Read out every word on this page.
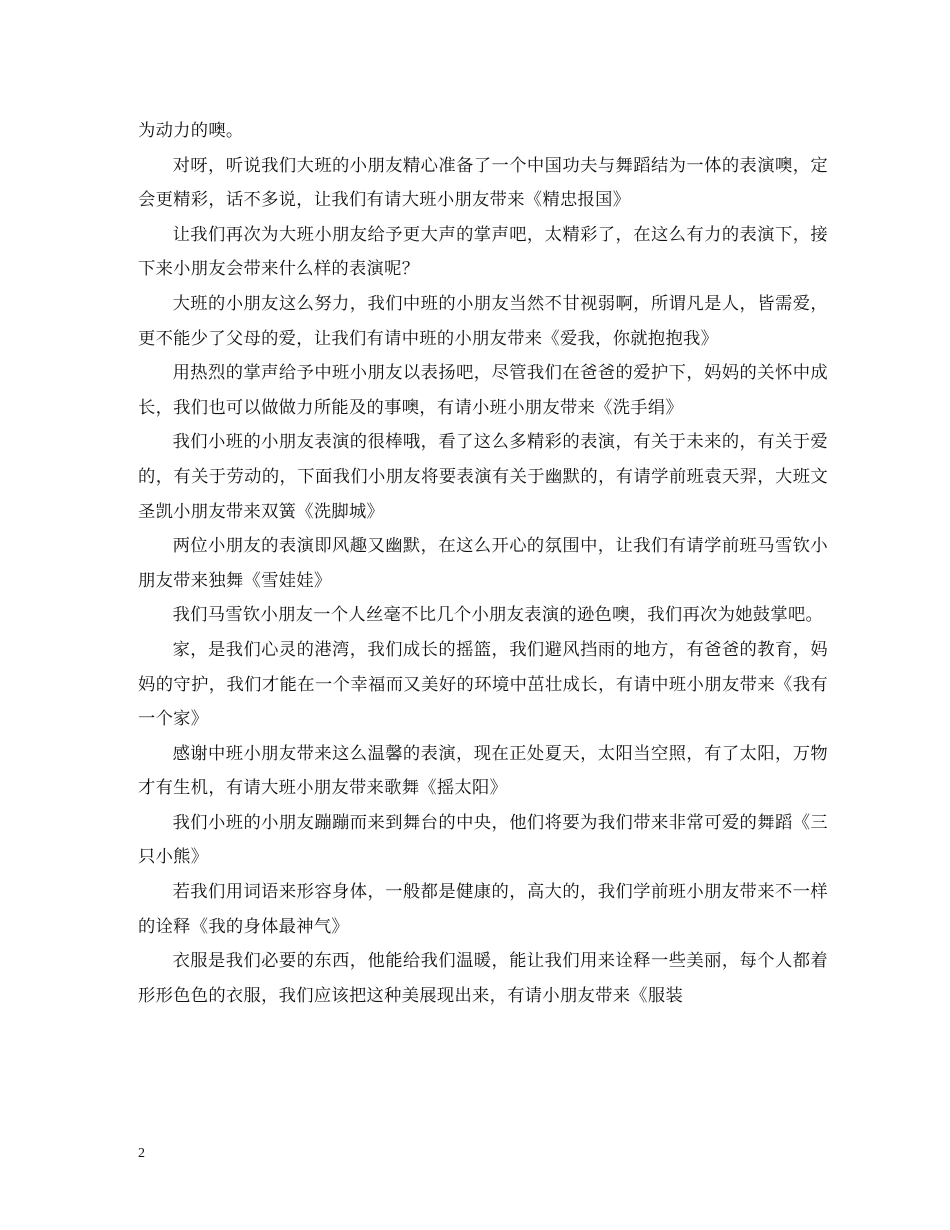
为动力的噢。

对呀，听说我们大班的小朋友精心准备了一个中国功夫与舞蹈结为一体的表演噢，定会更精彩，话不多说，让我们有请大班小朋友带来《精忠报国》

让我们再次为大班小朋友给予更大声的掌声吧，太精彩了，在这么有力的表演下，接下来小朋友会带来什么样的表演呢？

大班的小朋友这么努力，我们中班的小朋友当然不甘视弱啊，所谓凡是人，皆需爱，更不能少了父母的爱，让我们有请中班的小朋友带来《爱我，你就抱抱我》

用热烈的掌声给予中班小朋友以表扬吧，尽管我们在爸爸的爱护下，妈妈的关怀中成长，我们也可以做做力所能及的事噢，有请小班小朋友带来《洗手绢》

我们小班的小朋友表演的很棒哦，看了这么多精彩的表演，有关于未来的，有关于爱的，有关于劳动的，下面我们小朋友将要表演有关于幽默的，有请学前班袁天羿，大班文圣凯小朋友带来双簧《洗脚城》

两位小朋友的表演即风趣又幽默，在这么开心的氛围中，让我们有请学前班马雪钦小朋友带来独舞《雪娃娃》

我们马雪钦小朋友一个人丝毫不比几个小朋友表演的逊色噢，我们再次为她鼓掌吧。

家，是我们心灵的港湾，我们成长的摇篮，我们避风挡雨的地方，有爸爸的教育，妈妈的守护，我们才能在一个幸福而又美好的环境中茁壮成长，有请中班小朋友带来《我有一个家》

感谢中班小朋友带来这么温馨的表演，现在正处夏天，太阳当空照，有了太阳，万物才有生机，有请大班小朋友带来歌舞《摇太阳》

我们小班的小朋友蹦蹦而来到舞台的中央，他们将要为我们带来非常可爱的舞蹈《三只小熊》

若我们用词语来形容身体，一般都是健康的，高大的，我们学前班小朋友带来不一样的诠释《我的身体最神气》

衣服是我们必要的东西，他能给我们温暖，能让我们用来诠释一些美丽，每个人都着形形色色的衣服，我们应该把这种美展现出来，有请小朋友带来《服装

2
